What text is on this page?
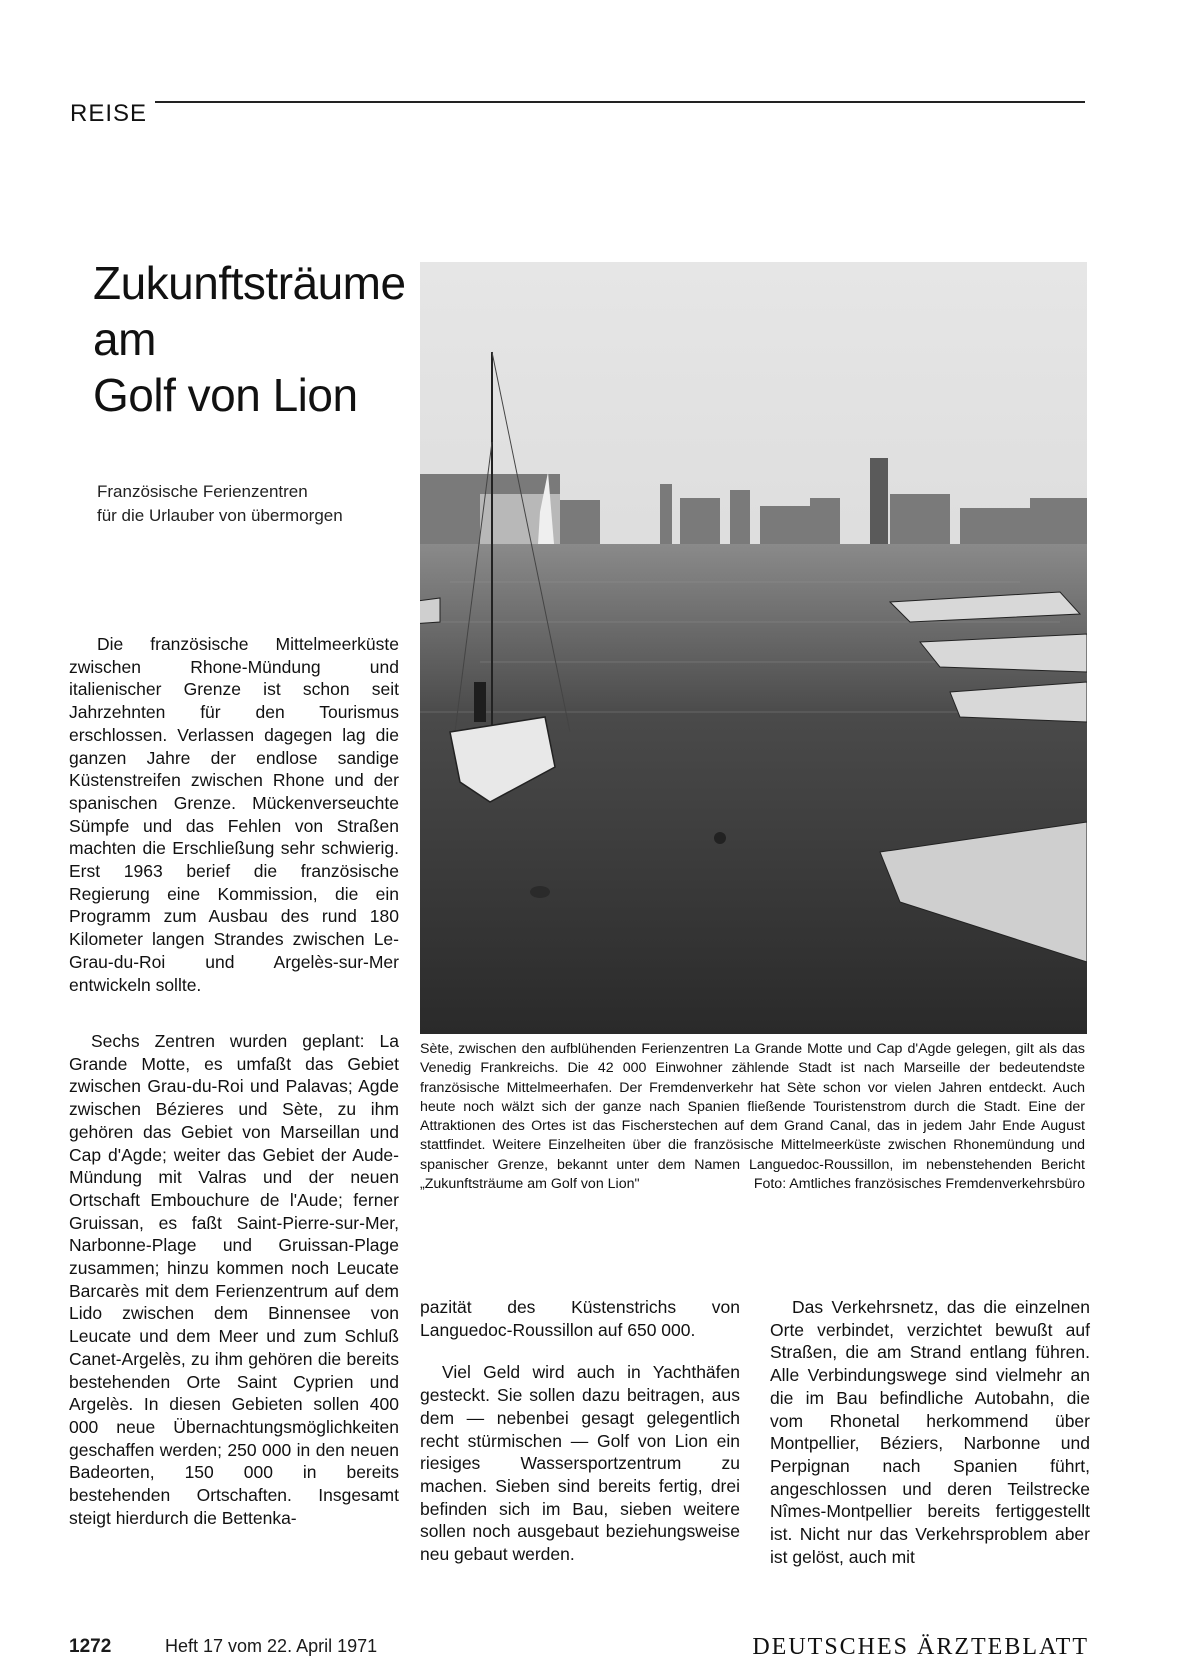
REISE
Zukunftsträume
am
Golf von Lion
Französische Ferienzentren
für die Urlauber von übermorgen

Die französische Mittelmeerküste zwischen Rhone-Mündung und italienischer Grenze ist schon seit Jahrzehnten für den Tourismus erschlossen. Verlassen dagegen lag die ganzen Jahre der endlose sandige Küstenstreifen zwischen Rhone und der spanischen Grenze. Mückenverseuchte Sümpfe und das Fehlen von Straßen machten die Erschließung sehr schwierig. Erst 1963 berief die französische Regierung eine Kommission, die ein Programm zum Ausbau des rund 180 Kilometer langen Strandes zwischen Le-Grau-du-Roi und Argelès-sur-Mer entwickeln sollte.

Sechs Zentren wurden geplant: La Grande Motte, es umfaßt das Gebiet zwischen Grau-du-Roi und Palavas; Agde zwischen Bézieres und Sète, zu ihm gehören das Gebiet von Marseillan und Cap d'Agde; weiter das Gebiet der Aude-Mündung mit Valras und der neuen Ortschaft Embouchure de l'Aude; ferner Gruissan, es faßt Saint-Pierre-sur-Mer, Narbonne-Plage und Gruissan-Plage zusammen; hinzu kommen noch Leucate Barcarès mit dem Ferienzentrum auf dem Lido zwischen dem Binnensee von Leucate und dem Meer und zum Schluß Canet-Argelès, zu ihm gehören die bereits bestehenden Orte Saint Cyprien und Argelès. In diesen Gebieten sollen 400 000 neue Übernachtungsmöglichkeiten geschaffen werden; 250 000 in den neuen Badeorten, 150 000 in bereits bestehenden Ortschaften. Insgesamt steigt hierdurch die Bettenka-

Sète, zwischen den aufblühenden Ferienzentren La Grande Motte und Cap d'Agde gelegen, gilt als das Venedig Frankreichs. Die 42 000 Einwohner zählende Stadt ist nach Marseille der bedeutendste französische Mittelmeerhafen. Der Fremdenverkehr hat Sète schon vor vielen Jahren entdeckt. Auch heute noch wälzt sich der ganze nach Spanien fließende Touristenstrom durch die Stadt. Eine der Attraktionen des Ortes ist das Fischerstechen auf dem Grand Canal, das in jedem Jahr Ende August stattfindet. Weitere Einzelheiten über die französische Mittelmeerküste zwischen Rhonemündung und spanischer Grenze, bekannt unter dem Namen Languedoc-Roussillon, im nebenstehenden Bericht „Zukunftsträume am Golf von Lion"	Foto: Amtliches französisches Fremdenverkehrsbüro

pazität des Küstenstrichs von Languedoc-Roussillon auf 650 000.

Viel Geld wird auch in Yachthäfen gesteckt. Sie sollen dazu beitragen, aus dem — nebenbei gesagt gelegentlich recht stürmischen — Golf von Lion ein riesiges Wassersportzentrum zu machen. Sieben sind bereits fertig, drei befinden sich im Bau, sieben weitere sollen noch ausgebaut beziehungsweise neu gebaut werden.

Das Verkehrsnetz, das die einzelnen Orte verbindet, verzichtet bewußt auf Straßen, die am Strand entlang führen. Alle Verbindungswege sind vielmehr an die im Bau befindliche Autobahn, die vom Rhonetal herkommend über Montpellier, Béziers, Narbonne und Perpignan nach Spanien führt, angeschlossen und deren Teilstrecke Nîmes-Montpellier bereits fertiggestellt ist. Nicht nur das Verkehrsproblem aber ist gelöst, auch mit

1272	Heft 17 vom 22. April 1971	DEUTSCHES ÄRZTEBLATT
